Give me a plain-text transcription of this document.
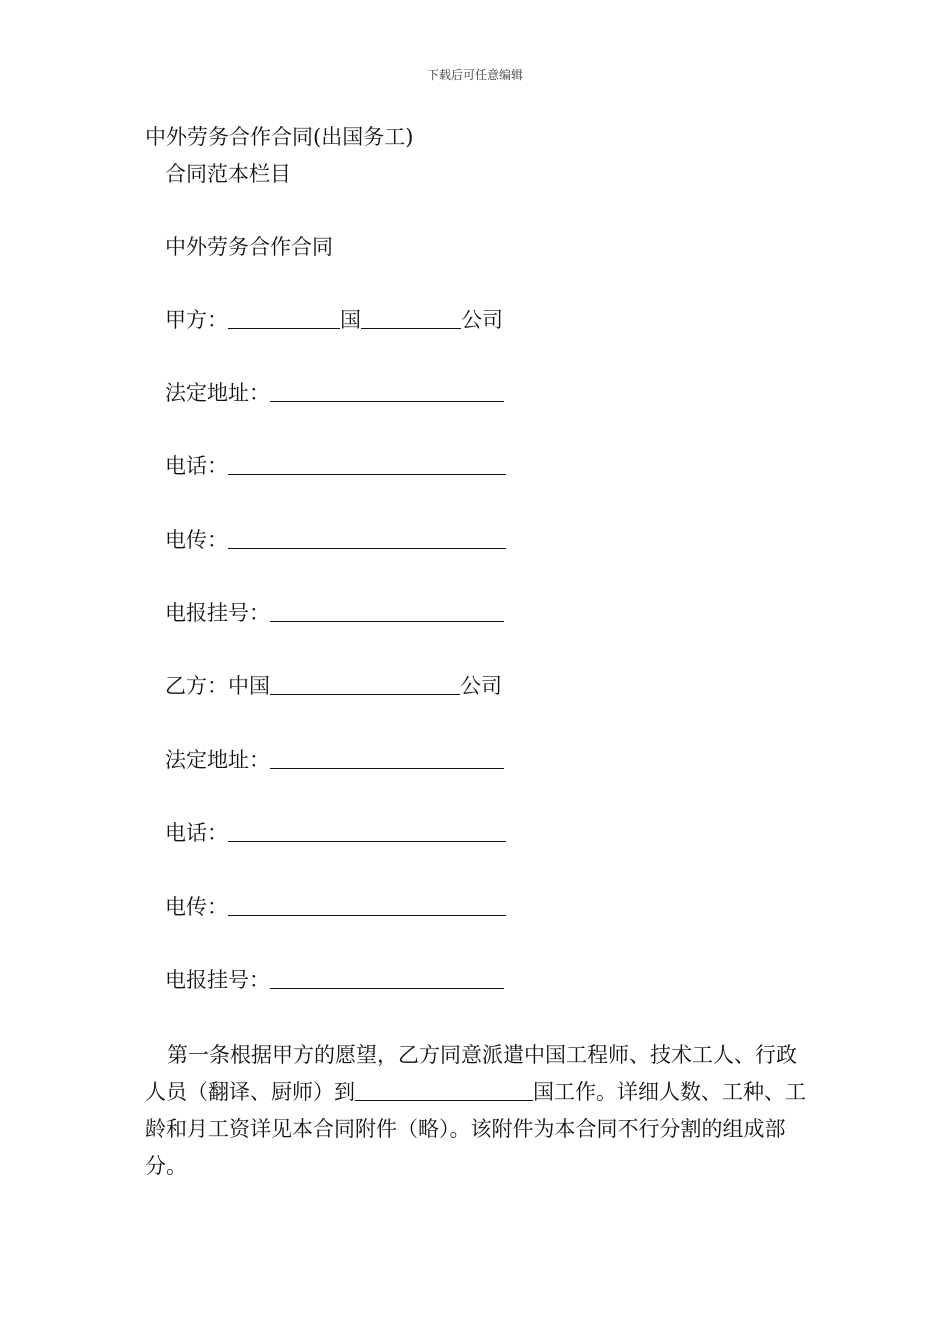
下载后可任意编辑
中外劳务合作合同(出国务工)
合同范本栏目
中外劳务合作合同
甲方：	国	公司
法定地址：
电话：
电传：
电报挂号：
乙方：中国	公司
法定地址：
电话：
电传：
电报挂号：
第一条根据甲方的愿望，乙方同意派遣中国工程师、技术工人、行政人员（翻译、厨师）到	国工作。详细人数、工种、工龄和月工资详见本合同附件（略）。该附件为本合同不行分割的组成部分。
